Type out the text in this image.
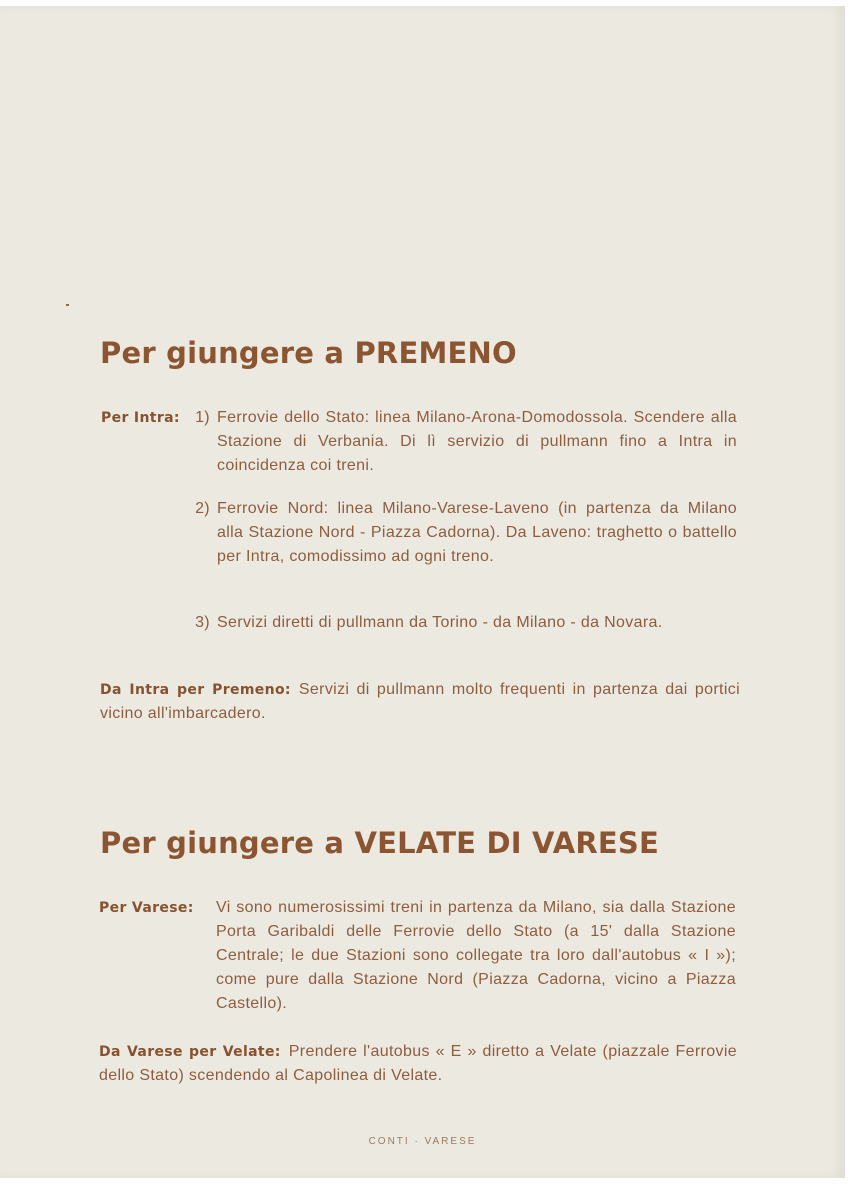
Per giungere a PREMENO
Per Intra: 1) Ferrovie dello Stato: linea Milano-Arona-Domodossola. Scendere alla Stazione di Verbania. Di lì servizio di pullmann fino a Intra in coincidenza coi treni.
2) Ferrovie Nord: linea Milano-Varese-Laveno (in partenza da Milano alla Stazione Nord - Piazza Cadorna). Da Laveno: traghetto o battello per Intra, comodissimo ad ogni treno.
3) Servizi diretti di pullmann da Torino - da Milano - da Novara.
Da Intra per Premeno: Servizi di pullmann molto frequenti in partenza dai portici vicino all'imbarcadero.
Per giungere a VELATE DI VARESE
Per Varese: Vi sono numerosissimi treni in partenza da Milano, sia dalla Stazione Porta Garibaldi delle Ferrovie dello Stato (a 15' dalla Stazione Centrale; le due Stazioni sono collegate tra loro dall'autobus « I »); come pure dalla Stazione Nord (Piazza Cadorna, vicino a Piazza Castello).
Da Varese per Velate: Prendere l'autobus « E » diretto a Velate (piazzale Ferrovie dello Stato) scendendo al Capolinea di Velate.
CONTI · VARESE
